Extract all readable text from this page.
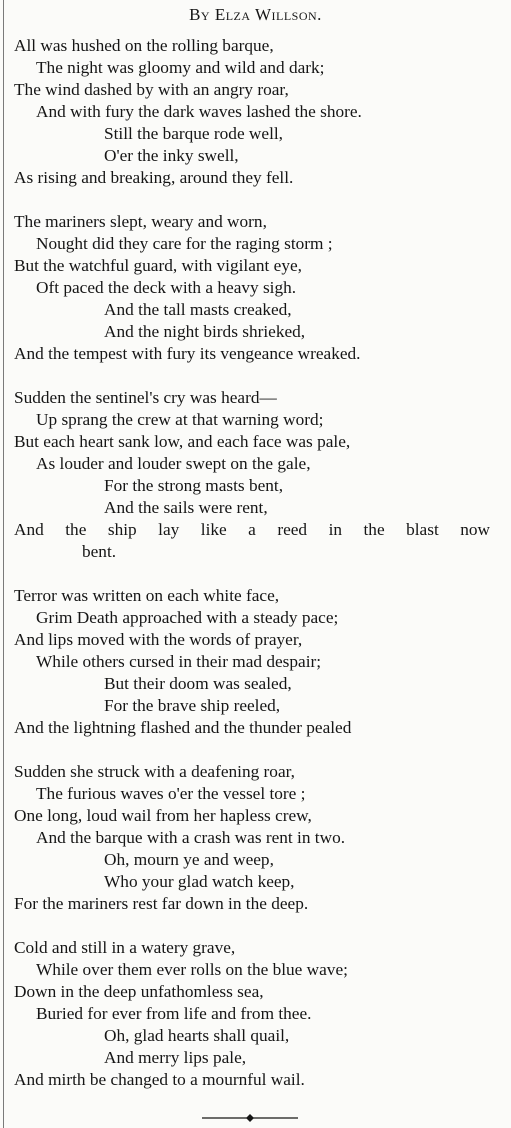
By Elza Willson.
All was hushed on the rolling barque,
The night was gloomy and wild and dark;
The wind dashed by with an angry roar,
And with fury the dark waves lashed the shore.
Still the barque rode well,
O'er the inky swell,
As rising and breaking, around they fell.
The mariners slept, weary and worn,
Nought did they care for the raging storm ;
But the watchful guard, with vigilant eye,
Oft paced the deck with a heavy sigh.
And the tall masts creaked,
And the night birds shrieked,
And the tempest with fury its vengeance wreaked.
Sudden the sentinel's cry was heard—
Up sprang the crew at that warning word;
But each heart sank low, and each face was pale,
As louder and louder swept on the gale,
For the strong masts bent,
And the sails were rent,
And the ship lay like a reed in the blast now
bent.
Terror was written on each white face,
Grim Death approached with a steady pace;
And lips moved with the words of prayer,
While others cursed in their mad despair;
But their doom was sealed,
For the brave ship reeled,
And the lightning flashed and the thunder pealed
Sudden she struck with a deafening roar,
The furious waves o'er the vessel tore ;
One long, loud wail from her hapless crew,
And the barque with a crash was rent in two.
Oh, mourn ye and weep,
Who your glad watch keep,
For the mariners rest far down in the deep.
Cold and still in a watery grave,
While over them ever rolls on the blue wave;
Down in the deep unfathomless sea,
Buried for ever from life and from thee.
Oh, glad hearts shall quail,
And merry lips pale,
And mirth be changed to a mournful wail.
